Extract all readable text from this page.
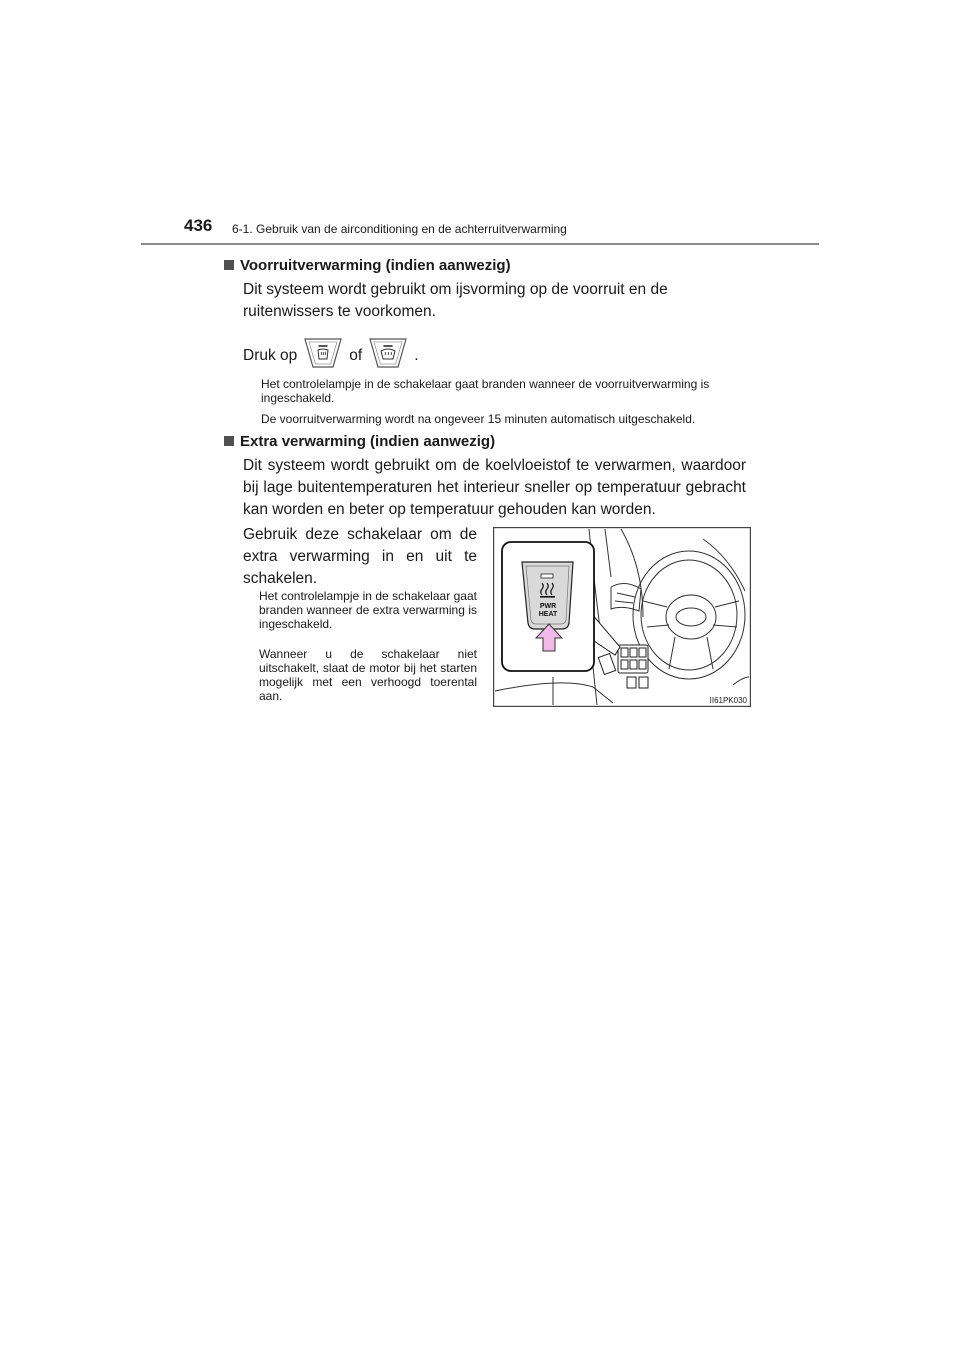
436 6-1. Gebruik van de airconditioning en de achterruitverwarming
Voorruitverwarming (indien aanwezig)
Dit systeem wordt gebruikt om ijsvorming op de voorruit en de ruitenwissers te voorkomen.
Druk op	of	.
Het controlelampje in de schakelaar gaat branden wanneer de voorruitverwarming is ingeschakeld.
De voorruitverwarming wordt na ongeveer 15 minuten automatisch uitgeschakeld.
Extra verwarming (indien aanwezig)
Dit systeem wordt gebruikt om de koelvloeistof te verwarmen, waardoor bij lage buitentemperaturen het interieur sneller op temperatuur gebracht kan worden en beter op temperatuur gehouden kan worden.
Gebruik deze schakelaar om de extra verwarming in en uit te schakelen.
Het controlelampje in de schakelaar gaat branden wanneer de extra verwarming is ingeschakeld.
Wanneer u de schakelaar niet uitschakelt, slaat de motor bij het starten mogelijk met een verhoogd toerental aan.
PWR
HEAT
II61PK030
